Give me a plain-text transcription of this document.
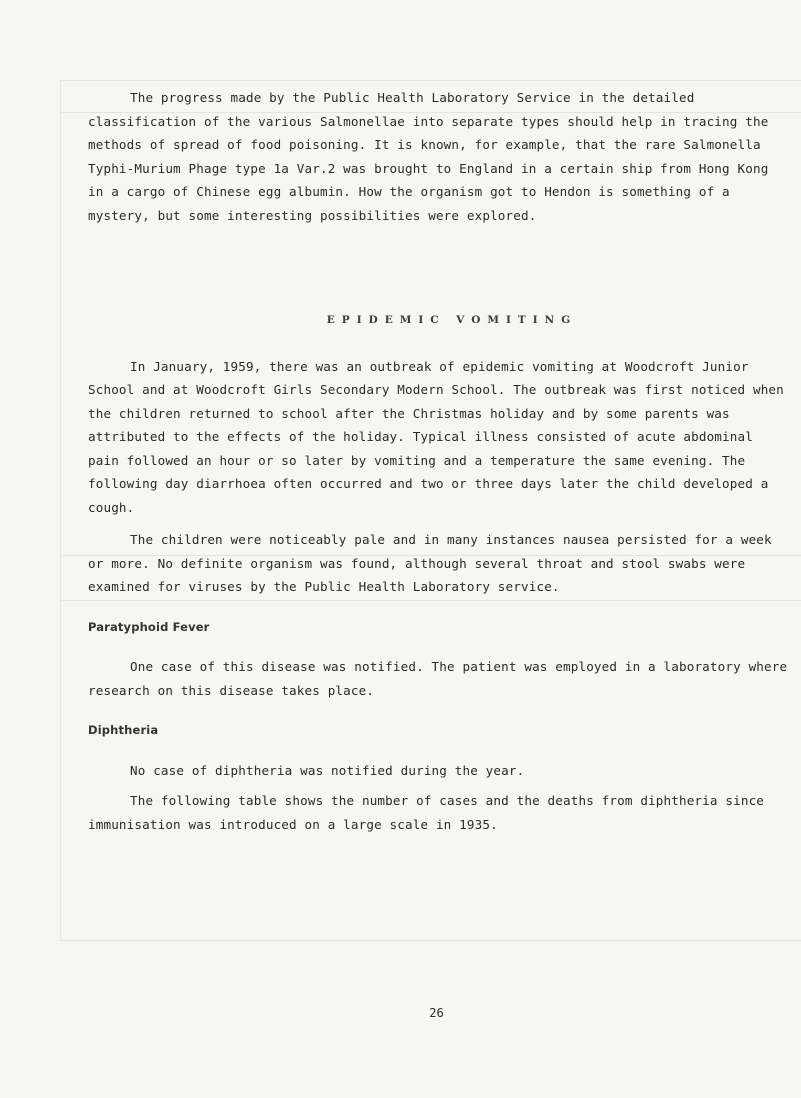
The progress made by the Public Health Laboratory Service in the detailed classification of the various Salmonellae into separate types should help in tracing the methods of spread of food poisoning. It is known, for example, that the rare Salmonella Typhi-Murium Phage type 1a Var.2 was brought to England in a certain ship from Hong Kong in a cargo of Chinese egg albumin. How the organism got to Hendon is something of a mystery, but some interesting possibilities were explored.

EPIDEMIC VOMITING

In January, 1959, there was an outbreak of epidemic vomiting at Woodcroft Junior School and at Woodcroft Girls Secondary Modern School. The outbreak was first noticed when the children returned to school after the Christmas holiday and by some parents was attributed to the effects of the holiday. Typical illness consisted of acute abdominal pain followed an hour or so later by vomiting and a temperature the same evening. The following day diarrhoea often occurred and two or three days later the child developed a cough.

The children were noticeably pale and in many instances nausea persisted for a week or more. No definite organism was found, although several throat and stool swabs were examined for viruses by the Public Health Laboratory service.

Paratyphoid Fever

One case of this disease was notified. The patient was employed in a laboratory where research on this disease takes place.

Diphtheria

No case of diphtheria was notified during the year.

The following table shows the number of cases and the deaths from diphtheria since immunisation was introduced on a large scale in 1935.

26
